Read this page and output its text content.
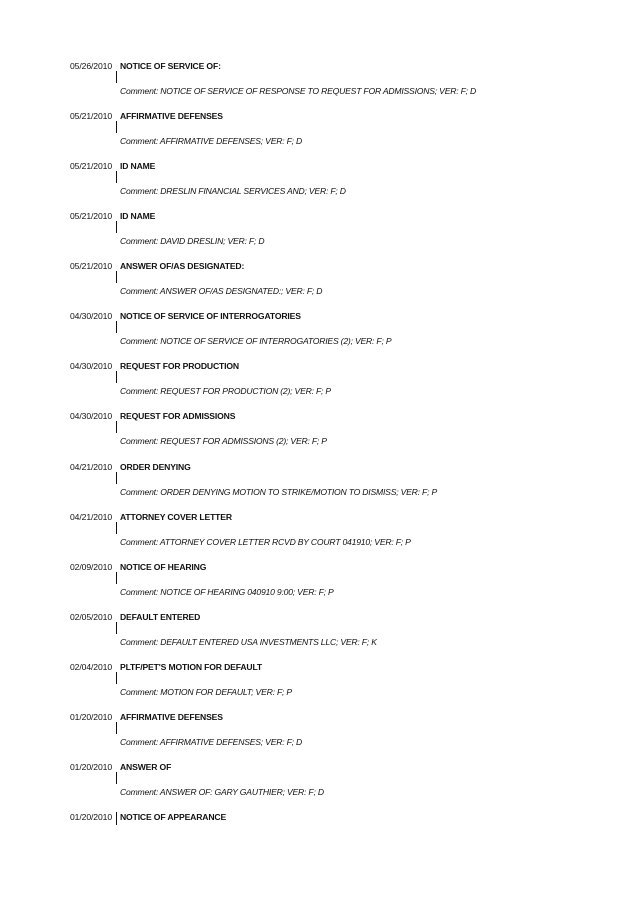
05/26/2010 NOTICE OF SERVICE OF:
Comment: NOTICE OF SERVICE OF RESPONSE TO REQUEST FOR ADMISSIONS; VER: F; D
05/21/2010 AFFIRMATIVE DEFENSES
Comment: AFFIRMATIVE DEFENSES; VER: F; D
05/21/2010 ID NAME
Comment: DRESLIN FINANCIAL SERVICES AND; VER: F; D
05/21/2010 ID NAME
Comment: DAVID DRESLIN; VER: F; D
05/21/2010 ANSWER OF/AS DESIGNATED:
Comment: ANSWER OF/AS DESIGNATED:; VER: F; D
04/30/2010 NOTICE OF SERVICE OF INTERROGATORIES
Comment: NOTICE OF SERVICE OF INTERROGATORIES (2); VER: F; P
04/30/2010 REQUEST FOR PRODUCTION
Comment: REQUEST FOR PRODUCTION (2); VER: F; P
04/30/2010 REQUEST FOR ADMISSIONS
Comment: REQUEST FOR ADMISSIONS (2); VER: F; P
04/21/2010 ORDER DENYING
Comment: ORDER DENYING MOTION TO STRIKE/MOTION TO DISMISS; VER: F; P
04/21/2010 ATTORNEY COVER LETTER
Comment: ATTORNEY COVER LETTER RCVD BY COURT 041910; VER: F; P
02/09/2010 NOTICE OF HEARING
Comment: NOTICE OF HEARING 040910 9:00; VER: F; P
02/05/2010 DEFAULT ENTERED
Comment: DEFAULT ENTERED USA INVESTMENTS LLC; VER: F; K
02/04/2010 PLTF/PET'S MOTION FOR DEFAULT
Comment: MOTION FOR DEFAULT; VER: F; P
01/20/2010 AFFIRMATIVE DEFENSES
Comment: AFFIRMATIVE DEFENSES; VER: F; D
01/20/2010 ANSWER OF
Comment: ANSWER OF: GARY GAUTHIER; VER: F; D
01/20/2010 NOTICE OF APPEARANCE
